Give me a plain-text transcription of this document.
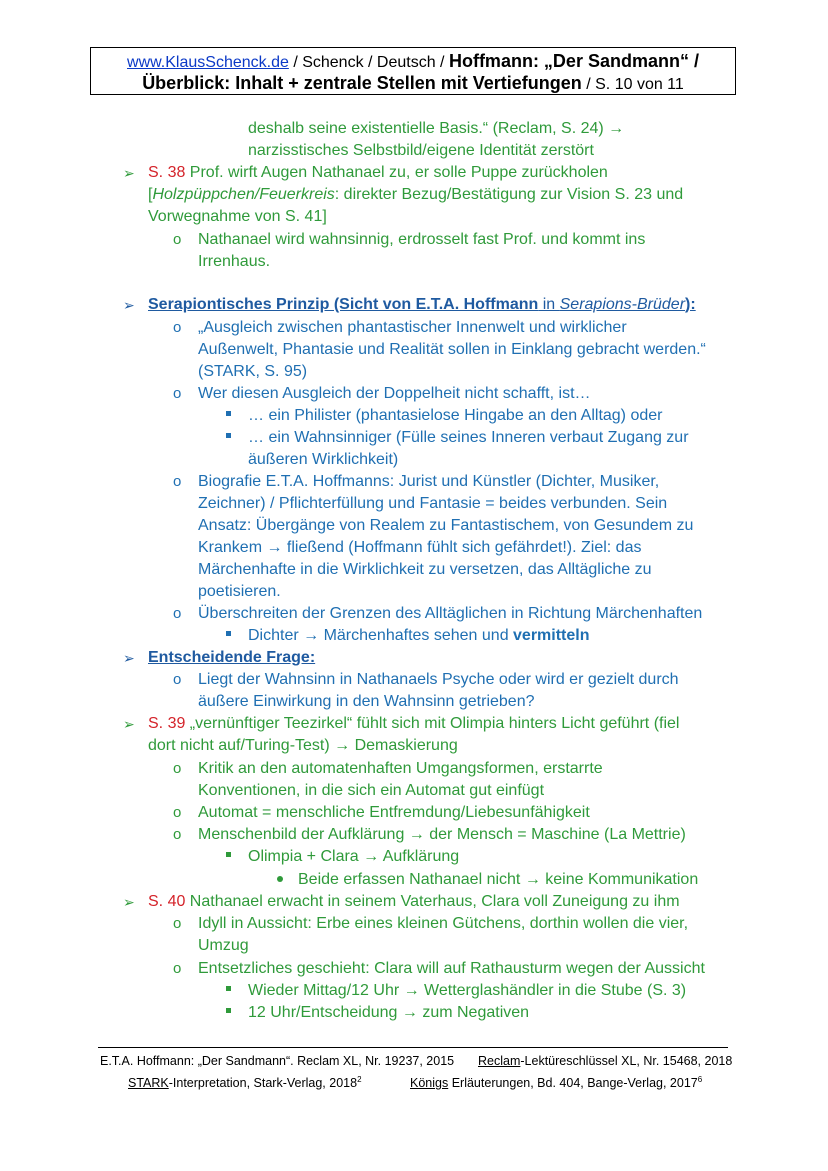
www.KlausSchenck.de / Schenck / Deutsch / Hoffmann: „Der Sandmann“ /
Überblick: Inhalt + zentrale Stellen mit Vertiefungen / S. 10 von 11
deshalb seine existentielle Basis.“ (Reclam, S. 24) →
narzisstisches Selbstbild/eigene Identität zerstört
➢ S. 38 Prof. wirft Augen Nathanael zu, er solle Puppe zurückholen
[Holzpüppchen/Feuerkreis: direkter Bezug/Bestätigung zur Vision S. 23 und
Vorwegnahme von S. 41]
o Nathanael wird wahnsinnig, erdrosselt fast Prof. und kommt ins
Irrenhaus.
➢ Serapiontisches Prinzip (Sicht von E.T.A. Hoffmann in Serapions-Brüder):
o „Ausgleich zwischen phantastischer Innenwelt und wirklicher
Außenwelt, Phantasie und Realität sollen in Einklang gebracht werden.“
(STARK, S. 95)
o Wer diesen Ausgleich der Doppelheit nicht schafft, ist…
… ein Philister (phantasielose Hingabe an den Alltag) oder
… ein Wahnsinniger (Fülle seines Inneren verbaut Zugang zur
äußeren Wirklichkeit)
o Biografie E.T.A. Hoffmanns: Jurist und Künstler (Dichter, Musiker,
Zeichner) / Pflichterfüllung und Fantasie = beides verbunden. Sein
Ansatz: Übergänge von Realem zu Fantastischem, von Gesundem zu
Krankem → fließend (Hoffmann fühlt sich gefährdet!). Ziel: das
Märchenhafte in die Wirklichkeit zu versetzen, das Alltägliche zu
poetisieren.
o Überschreiten der Grenzen des Alltäglichen in Richtung Märchenhaften
Dichter → Märchenhaftes sehen und vermitteln
➢ Entscheidende Frage:
o Liegt der Wahnsinn in Nathanaels Psyche oder wird er gezielt durch
äußere Einwirkung in den Wahnsinn getrieben?
➢ S. 39 „vernünftiger Teezirkel“ fühlt sich mit Olimpia hinters Licht geführt (fiel
dort nicht auf/Turing-Test) → Demaskierung
o Kritik an den automatenhaften Umgangsformen, erstarrte
Konventionen, in die sich ein Automat gut einfügt
o Automat = menschliche Entfremdung/Liebesunfähigkeit
o Menschenbild der Aufklärung → der Mensch = Maschine (La Mettrie)
Olimpia + Clara → Aufklärung
Beide erfassen Nathanael nicht → keine Kommunikation
➢ S. 40 Nathanael erwacht in seinem Vaterhaus, Clara voll Zuneigung zu ihm
o Idyll in Aussicht: Erbe eines kleinen Gütchens, dorthin wollen die vier,
Umzug
o Entsetzliches geschieht: Clara will auf Rathausturm wegen der Aussicht
Wieder Mittag/12 Uhr → Wetterglashändler in die Stube (S. 3)
12 Uhr/Entscheidung → zum Negativen
E.T.A. Hoffmann: „Der Sandmann“. Reclam XL, Nr. 19237, 2015 Reclam-Lektüreschlüssel XL, Nr. 15468, 2018
STARK-Interpretation, Stark-Verlag, 2018$^2$	Königs Erläuterungen, Bd. 404, Bange-Verlag, 2017$^6$
